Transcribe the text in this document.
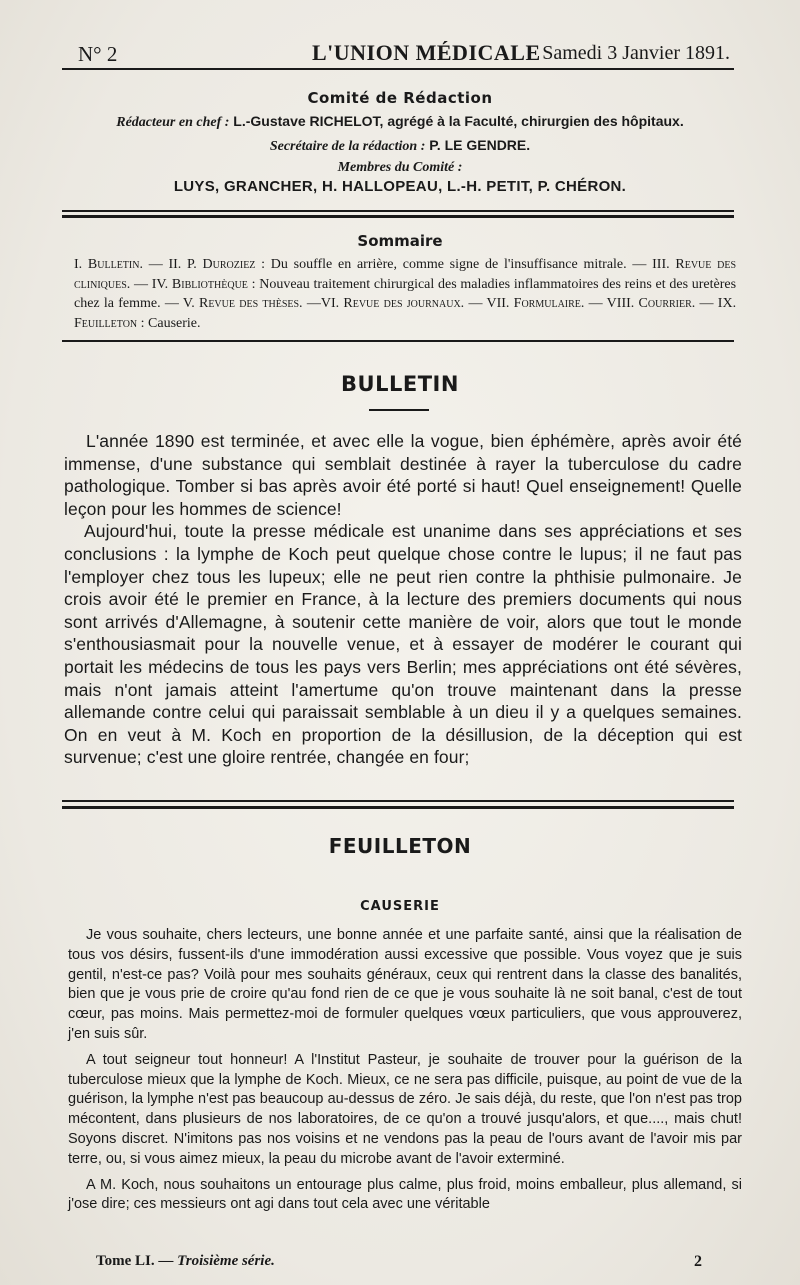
N° 2	L'UNION MÉDICALE Samedi 3 Janvier 1891.
Comité de Rédaction
Rédacteur en chef : L.-Gustave RICHELOT, agrégé à la Faculté, chirurgien des hôpitaux.
Secrétaire de la rédaction : P. LE GENDRE.
Membres du Comité :
LUYS, GRANCHER, H. HALLOPEAU, L.-H. PETIT, P. CHÉRON.
Sommaire
I. Bulletin. — II. P. Duroziez : Du souffle en arrière, comme signe de l'insuffisance mitrale. — III. Revue des cliniques. — IV. Bibliothèque : Nouveau traitement chirurgical des maladies inflammatoires des reins et des uretères chez la femme. — V. Revue des thèses. —VI. Revue des journaux. — VII. Formulaire. — VIII. Courrier. — IX. Feuilleton : Causerie.
BULLETIN

L'année 1890 est terminée, et avec elle la vogue, bien éphémère, après avoir été immense, d'une substance qui semblait destinée à rayer la tuberculose du cadre pathologique. Tomber si bas après avoir été porté si haut! Quel enseignement! Quelle leçon pour les hommes de science!

Aujourd'hui, toute la presse médicale est unanime dans ses appréciations et ses conclusions : la lymphe de Koch peut quelque chose contre le lupus; il ne faut pas l'employer chez tous les lupeux; elle ne peut rien contre la phthisie pulmonaire. Je crois avoir été le premier en France, à la lecture des premiers documents qui nous sont arrivés d'Allemagne, à soutenir cette manière de voir, alors que tout le monde s'enthousiasmait pour la nouvelle venue, et à essayer de modérer le courant qui portait les médecins de tous les pays vers Berlin; mes appréciations ont été sévères, mais n'ont jamais atteint l'amertume qu'on trouve maintenant dans la presse allemande contre celui qui paraissait semblable à un dieu il y a quelques semaines. On en veut à M. Koch en proportion de la désillusion, de la déception qui est survenue; c'est une gloire rentrée, changée en four;

FEUILLETON
CAUSERIE

Je vous souhaite, chers lecteurs, une bonne année et une parfaite santé, ainsi que la réalisation de tous vos désirs, fussent-ils d'une immodération aussi excessive que possible. Vous voyez que je suis gentil, n'est-ce pas? Voilà pour mes souhaits généraux, ceux qui rentrent dans la classe des banalités, bien que je vous prie de croire qu'au fond rien de ce que je vous souhaite là ne soit banal, c'est de tout cœur, pas moins. Mais permettez-moi de formuler quelques vœux particuliers, que vous approuverez, j'en suis sûr.

A tout seigneur tout honneur! A l'Institut Pasteur, je souhaite de trouver pour la guérison de la tuberculose mieux que la lymphe de Koch. Mieux, ce ne sera pas difficile, puisque, au point de vue de la guérison, la lymphe n'est pas beaucoup au-dessus de zéro. Je sais déjà, du reste, que l'on n'est pas trop mécontent, dans plusieurs de nos laboratoires, de ce qu'on a trouvé jusqu'alors, et que...., mais chut! Soyons discret. N'imitons pas nos voisins et ne vendons pas la peau de l'ours avant de l'avoir mis par terre, ou, si vous aimez mieux, la peau du microbe avant de l'avoir exterminé.

A M. Koch, nous souhaitons un entourage plus calme, plus froid, moins emballeur, plus allemand, si j'ose dire; ces messieurs ont agi dans tout cela avec une véritable

Tome LI. — Troisième série.	2
